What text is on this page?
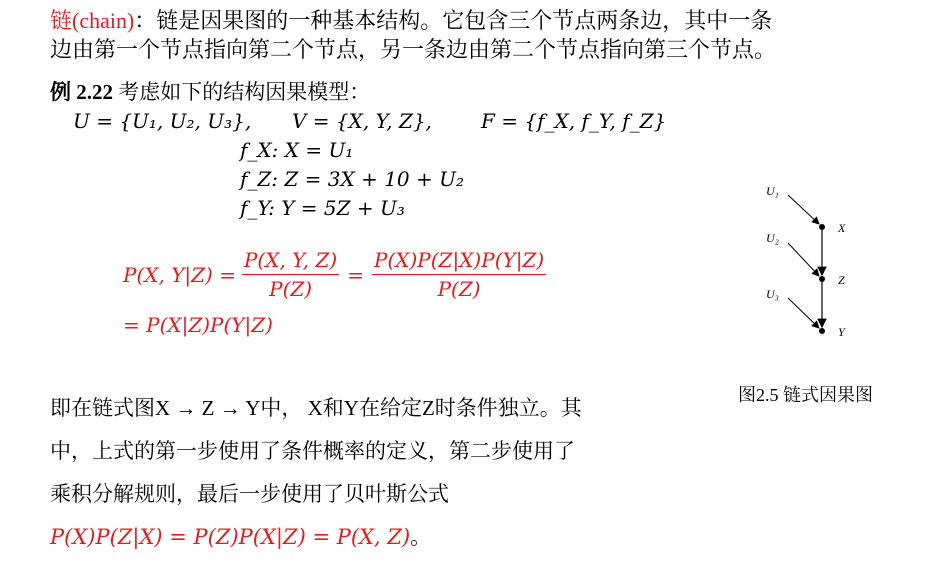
链(chain)：链是因果图的一种基本结构。它包含三个节点两条边，其中一条
边由第一个节点指向第二个节点，另一条边由第二个节点指向第三个节点。
例 2.22 考虑如下的结构因果模型：
U = {U₁, U₂, U₃}, V = {X, Y, Z}, F = {f_X, f_Y, f_Z}
f_X: X = U₁
f_Z: Z = 3X + 10 + U₂
f_Y: Y = 5Z + U₃
P(X, $Y|Z) = \frac{P(X, Y, Z)}{P(Z)} = \frac{P(X)P(Z|X)P(Y|Z)}{P(Z)}$
= P(X|Z)P(Y|Z)
U₁
U₂
U₃
X
Z
Y
图2.5 链式因果图
即在链式图X → Z → Y中， X和Y在给定Z时条件独立。其
中，上式的第一步使用了条件概率的定义，第二步使用了
乘积分解规则，最后一步使用了贝叶斯公式
P(X)P(Z|X) = P(Z)P(X|Z) = P(X, Z)。
